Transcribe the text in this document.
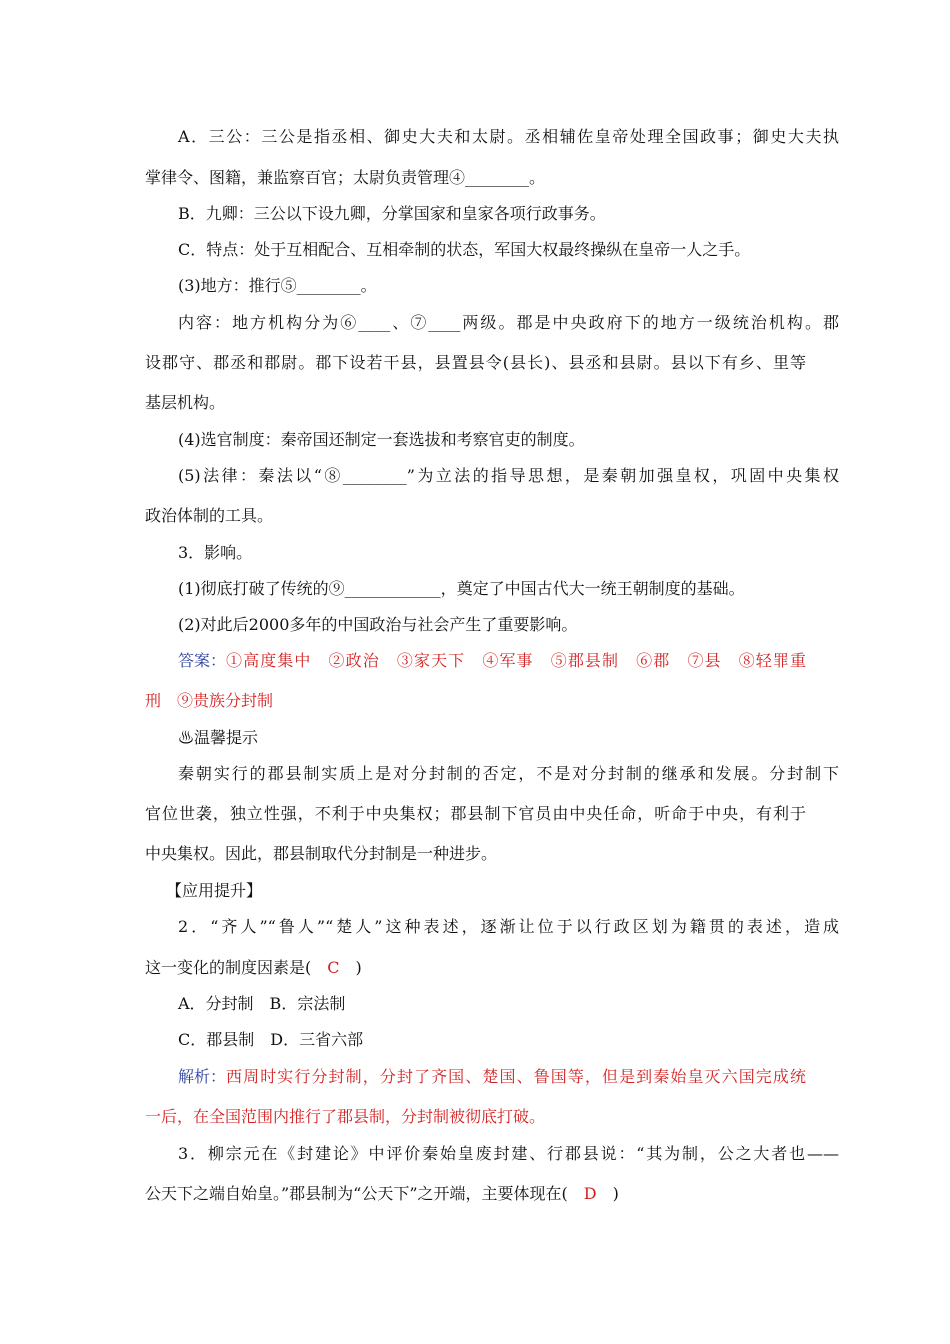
A．三公：三公是指丞相、御史大夫和太尉。丞相辅佐皇帝处理全国政事；御史大夫执
掌律令、图籍，兼监察百官；太尉负责管理④________。
B．九卿：三公以下设九卿，分掌国家和皇家各项行政事务。
C．特点：处于互相配合、互相牵制的状态，军国大权最终操纵在皇帝一人之手。
(3)地方：推行⑤________。
内容：地方机构分为⑥____、⑦____两级。郡是中央政府下的地方一级统治机构。郡
设郡守、郡丞和郡尉。郡下设若干县，县置县令(县长)、县丞和县尉。县以下有乡、里等
基层机构。
(4)选官制度：秦帝国还制定一套选拔和考察官吏的制度。
(5)法律：秦法以“⑧________”为立法的指导思想，是秦朝加强皇权，巩固中央集权
政治体制的工具。
3．影响。
(1)彻底打破了传统的⑨____________，奠定了中国古代大一统王朝制度的基础。
(2)对此后2000多年的中国政治与社会产生了重要影响。
答案： ①高度集中　②政治　③家天下　④军事　⑤郡县制　⑥郡　⑦县　⑧轻罪重
刑　⑨贵族分封制
♨温馨提示
秦朝实行的郡县制实质上是对分封制的否定，不是对分封制的继承和发展。分封制下
官位世袭，独立性强，不利于中央集权；郡县制下官员由中央任命，听命于中央，有利于
中央集权。因此，郡县制取代分封制是一种进步。
【应用提升】
2．“齐人”“鲁人”“楚人”这种表述，逐渐让位于以行政区划为籍贯的表述，造成
这一变化的制度因素是(　C　)
A．分封制　B．宗法制
C．郡县制　D．三省六部
解析： 西周时实行分封制，分封了齐国、楚国、鲁国等，但是到秦始皇灭六国完成统
一后，在全国范围内推行了郡县制，分封制被彻底打破。
3．柳宗元在《封建论》中评价秦始皇废封建、行郡县说：“其为制，公之大者也——
公天下之端自始皇。”郡县制为“公天下”之开端，主要体现在(　D　)
